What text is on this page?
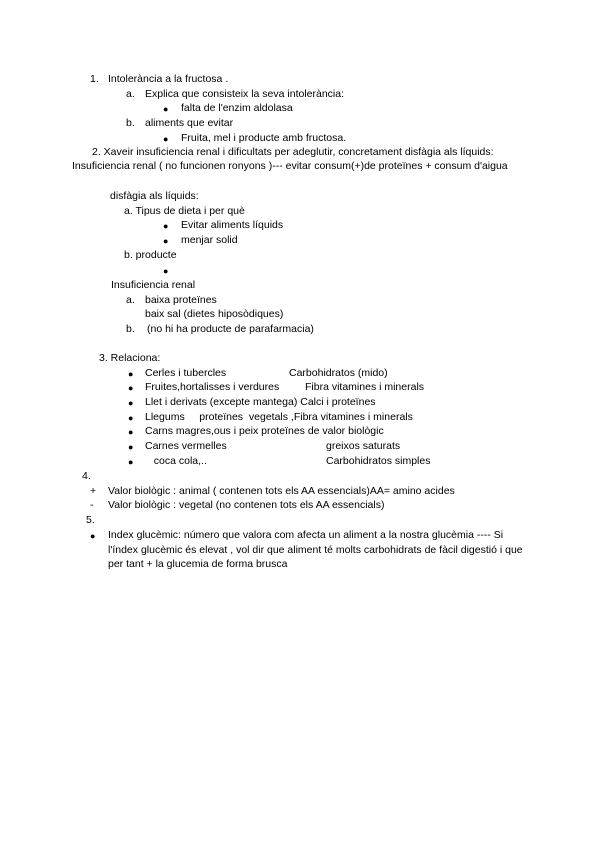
1. Intolerància a la fructosa .
a. Explica que consisteix la seva intolerància:
● falta de l'enzim aldolasa
b. aliments que evitar
● Fruita, mel i producte amb fructosa.
2. Xaveir insuficiencia renal i dificultats per adeglutir, concretament disfàgia als líquids:
Insuficiencia renal ( no funcionen ronyons )--- evitar consum(+)de proteïnes + consum d'aigua
disfàgia als líquids:
a. Tipus de dieta i per què
● Evitar aliments líquids
● menjar solid
b. producte
●
Insuficiencia renal
a. baixa proteïnes
baix sal (dietes hiposòdiques)
b. (no hi ha producte de parafarmacia)
3. Relaciona:
● Cerles i tubercles	Carbohidratos (mido)
● Fruites,hortalisses i verdures Fibra vitamines i minerals
● Llet i derivats (excepte mantega) Calci i proteïnes
● Llegums     proteïnes  vegetals ,Fibra vitamines i minerals
● Carns magres,ous i peix proteïnes de valor biològic
● Carnes vermelles	greixos saturats
● coca cola,..	Carbohidratos simples
4.
+ Valor biològic : animal ( contenen tots els AA essencials)AA= amino acides
- Valor biològic : vegetal (no contenen tots els AA essencials)
5.
● Index glucèmic: número que valora com afecta un aliment a la nostra glucèmia ---- Si l'índex glucèmic és elevat , vol dir que aliment té molts carbohidrats de fàcil digestió i que per tant + la glucemia de forma brusca
